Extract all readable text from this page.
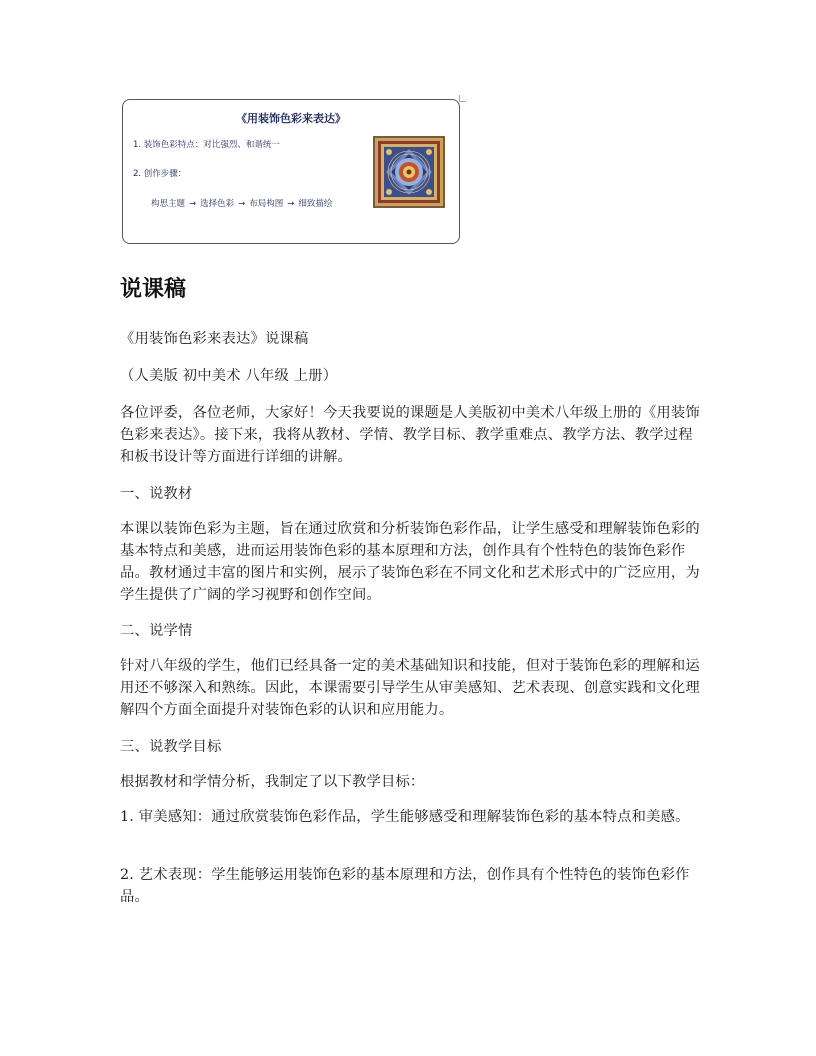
《用装饰色彩来表达》
1. 装饰色彩特点：对比强烈、和谐统一
2. 创作步骤：
构思主题 → 选择色彩 → 布局构图 → 细致描绘
说课稿
《用装饰色彩来表达》说课稿
（人美版 初中美术 八年级 上册）
各位评委，各位老师，大家好！今天我要说的课题是人美版初中美术八年级上册的《用装饰色彩来表达》。接下来，我将从教材、学情、教学目标、教学重难点、教学方法、教学过程和板书设计等方面进行详细的讲解。
一、说教材
本课以装饰色彩为主题，旨在通过欣赏和分析装饰色彩作品，让学生感受和理解装饰色彩的基本特点和美感，进而运用装饰色彩的基本原理和方法，创作具有个性特色的装饰色彩作品。教材通过丰富的图片和实例，展示了装饰色彩在不同文化和艺术形式中的广泛应用，为学生提供了广阔的学习视野和创作空间。
二、说学情
针对八年级的学生，他们已经具备一定的美术基础知识和技能，但对于装饰色彩的理解和运用还不够深入和熟练。因此，本课需要引导学生从审美感知、艺术表现、创意实践和文化理解四个方面全面提升对装饰色彩的认识和应用能力。
三、说教学目标
根据教材和学情分析，我制定了以下教学目标：
1. 审美感知：通过欣赏装饰色彩作品，学生能够感受和理解装饰色彩的基本特点和美感。
2. 艺术表现：学生能够运用装饰色彩的基本原理和方法，创作具有个性特色的装饰色彩作品。
